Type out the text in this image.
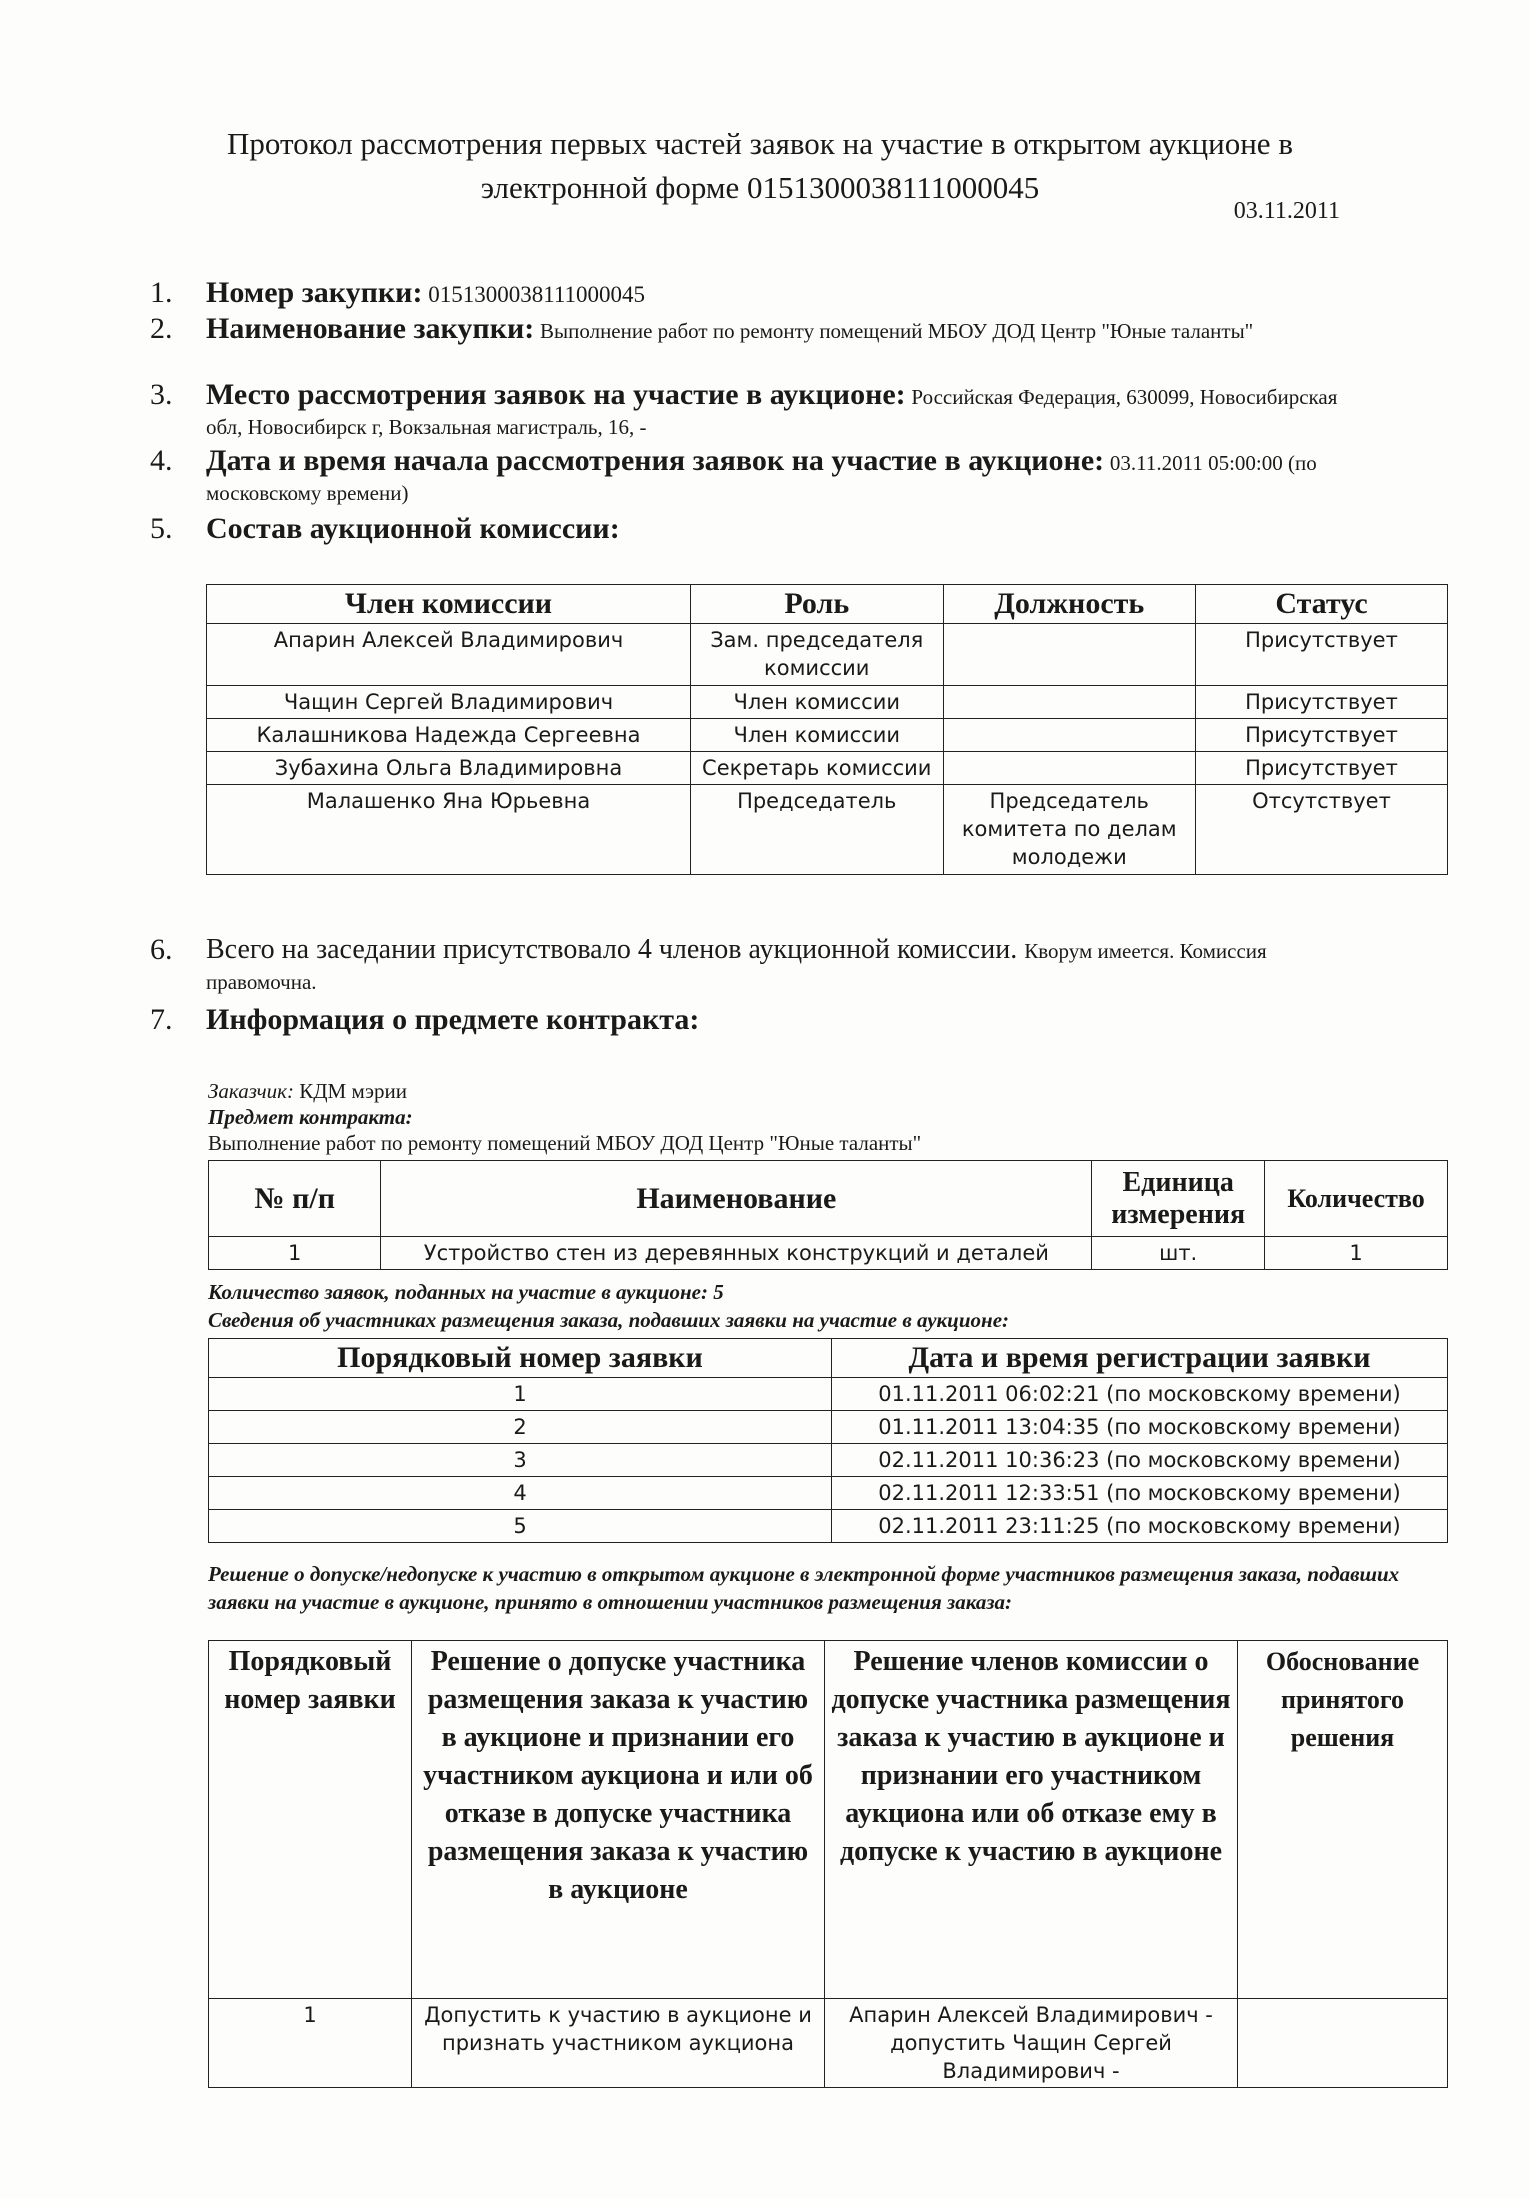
Протокол рассмотрения первых частей заявок на участие в открытом аукционе в
электронной форме 0151300038111000045
03.11.2011
1. Номер закупки: 0151300038111000045
2. Наименование закупки: Выполнение работ по ремонту помещений МБОУ ДОД Центр "Юные таланты"
3. Место рассмотрения заявок на участие в аукционе: Российская Федерация, 630099, Новосибирская обл, Новосибирск г, Вокзальная магистраль, 16, -
4. Дата и время начала рассмотрения заявок на участие в аукционе: 03.11.2011 05:00:00 (по московскому времени)
5. Состав аукционной комиссии:
Член комиссии	Роль	Должность	Статус
Апарин Алексей Владимирович	Зам. председателя комиссии		Присутствует
Чащин Сергей Владимирович	Член комиссии		Присутствует
Калашникова Надежда Сергеевна	Член комиссии		Присутствует
Зубахина Ольга Владимировна	Секретарь комиссии		Присутствует
Малашенко Яна Юрьевна	Председатель	Председатель комитета по делам молодежи	Отсутствует
6. Всего на заседании присутствовало 4 членов аукционной комиссии. Кворум имеется. Комиссия правомочна.
7. Информация о предмете контракта:
Заказчик: КДМ мэрии
Предмет контракта:
Выполнение работ по ремонту помещений МБОУ ДОД Центр "Юные таланты"
№ п/п	Наименование	Единица измерения	Количество
1	Устройство стен из деревянных конструкций и деталей	шт.	1
Количество заявок, поданных на участие в аукционе: 5
Сведения об участниках размещения заказа, подавших заявки на участие в аукционе:
Порядковый номер заявки	Дата и время регистрации заявки
1	01.11.2011 06:02:21 (по московскому времени)
2	01.11.2011 13:04:35 (по московскому времени)
3	02.11.2011 10:36:23 (по московскому времени)
4	02.11.2011 12:33:51 (по московскому времени)
5	02.11.2011 23:11:25 (по московскому времени)
Решение о допуске/недопуске к участию в открытом аукционе в электронной форме участников размещения заказа, подавших заявки на участие в аукционе, принято в отношении участников размещения заказа:
Порядковый номер заявки	Решение о допуске участника размещения заказа к участию в аукционе и признании его участником аукциона и или об отказе в допуске участника размещения заказа к участию в аукционе	Решение членов комиссии о допуске участника размещения заказа к участию в аукционе и признании его участником аукциона или об отказе ему в допуске к участию в аукционе	Обоснование принятого решения
1	Допустить к участию в аукционе и признать участником аукциона	Апарин Алексей Владимирович - допустить Чащин Сергей Владимирович -	
